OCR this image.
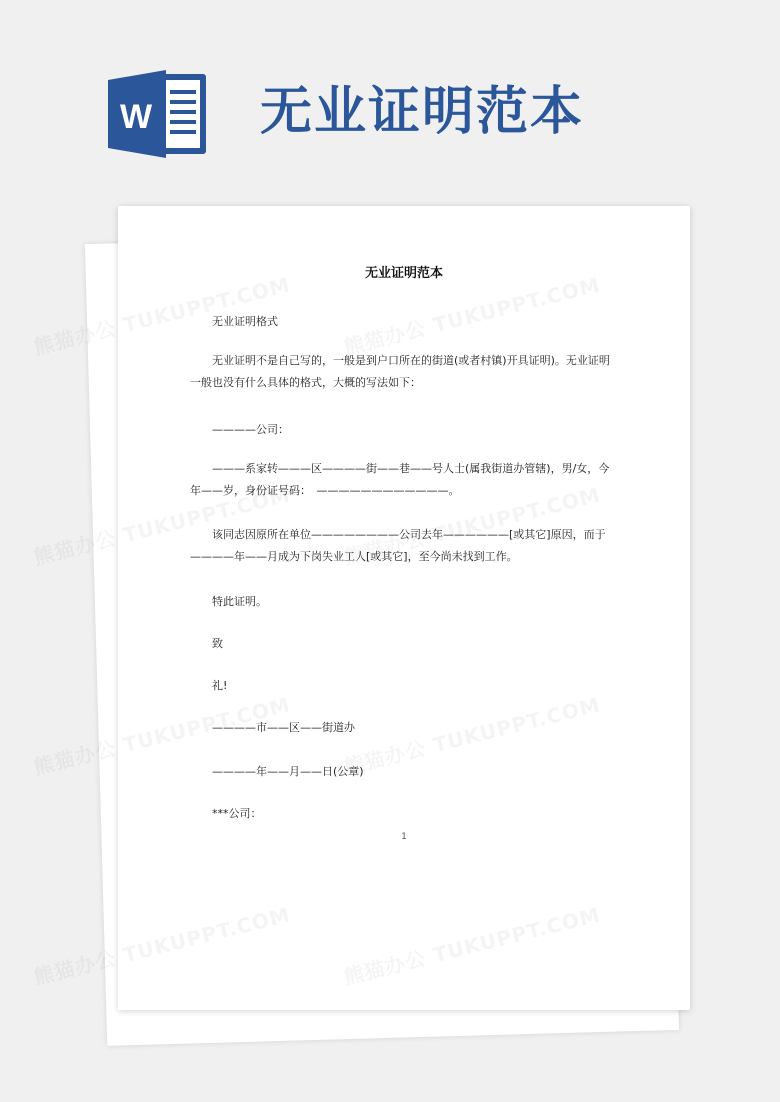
W 无业证明范本
无业证明范本
无业证明格式
无业证明不是自己写的，一般是到户口所在的街道(或者村镇)开具证明)。无业证明一般也没有什么具体的格式，大概的写法如下：
————公司：
———系家转———区————街——巷——号人士(属我街道办管辖)，男/女，今年——岁，身份证号码：　————————————。
该同志因原所在单位————————公司去年——————[或其它]原因，而于————年——月成为下岗失业工人[或其它]，至今尚未找到工作。
特此证明。
致
礼!
————市——区——街道办
————年——月——日(公章)
***公司：
1
